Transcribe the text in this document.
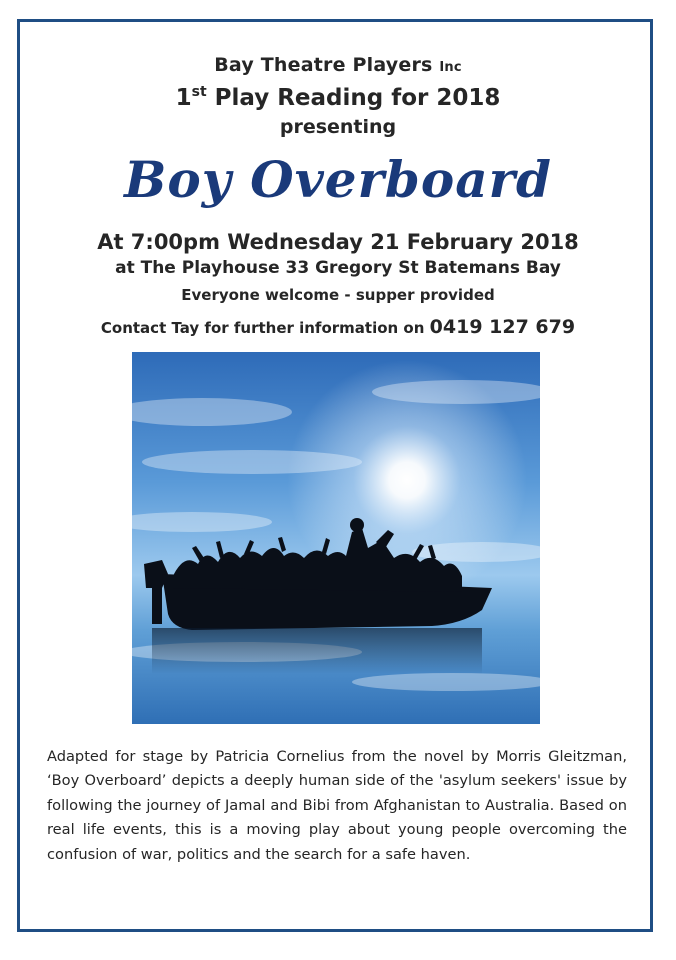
Bay Theatre Players Inc
1st Play Reading for 2018
presenting
Boy Overboard
At 7:00pm Wednesday 21 February 2018
at The Playhouse 33 Gregory St Batemans Bay
Everyone welcome - supper provided
Contact Tay for further information on 0419 127 679
Adapted for stage by Patricia Cornelius from the novel by Morris Gleitzman, ‘Boy Overboard’ depicts a deeply human side of the 'asylum seekers' issue by following the journey of Jamal and Bibi from Afghanistan to Australia. Based on real life events, this is a moving play about young people overcoming the confusion of war, politics and the search for a safe haven.
